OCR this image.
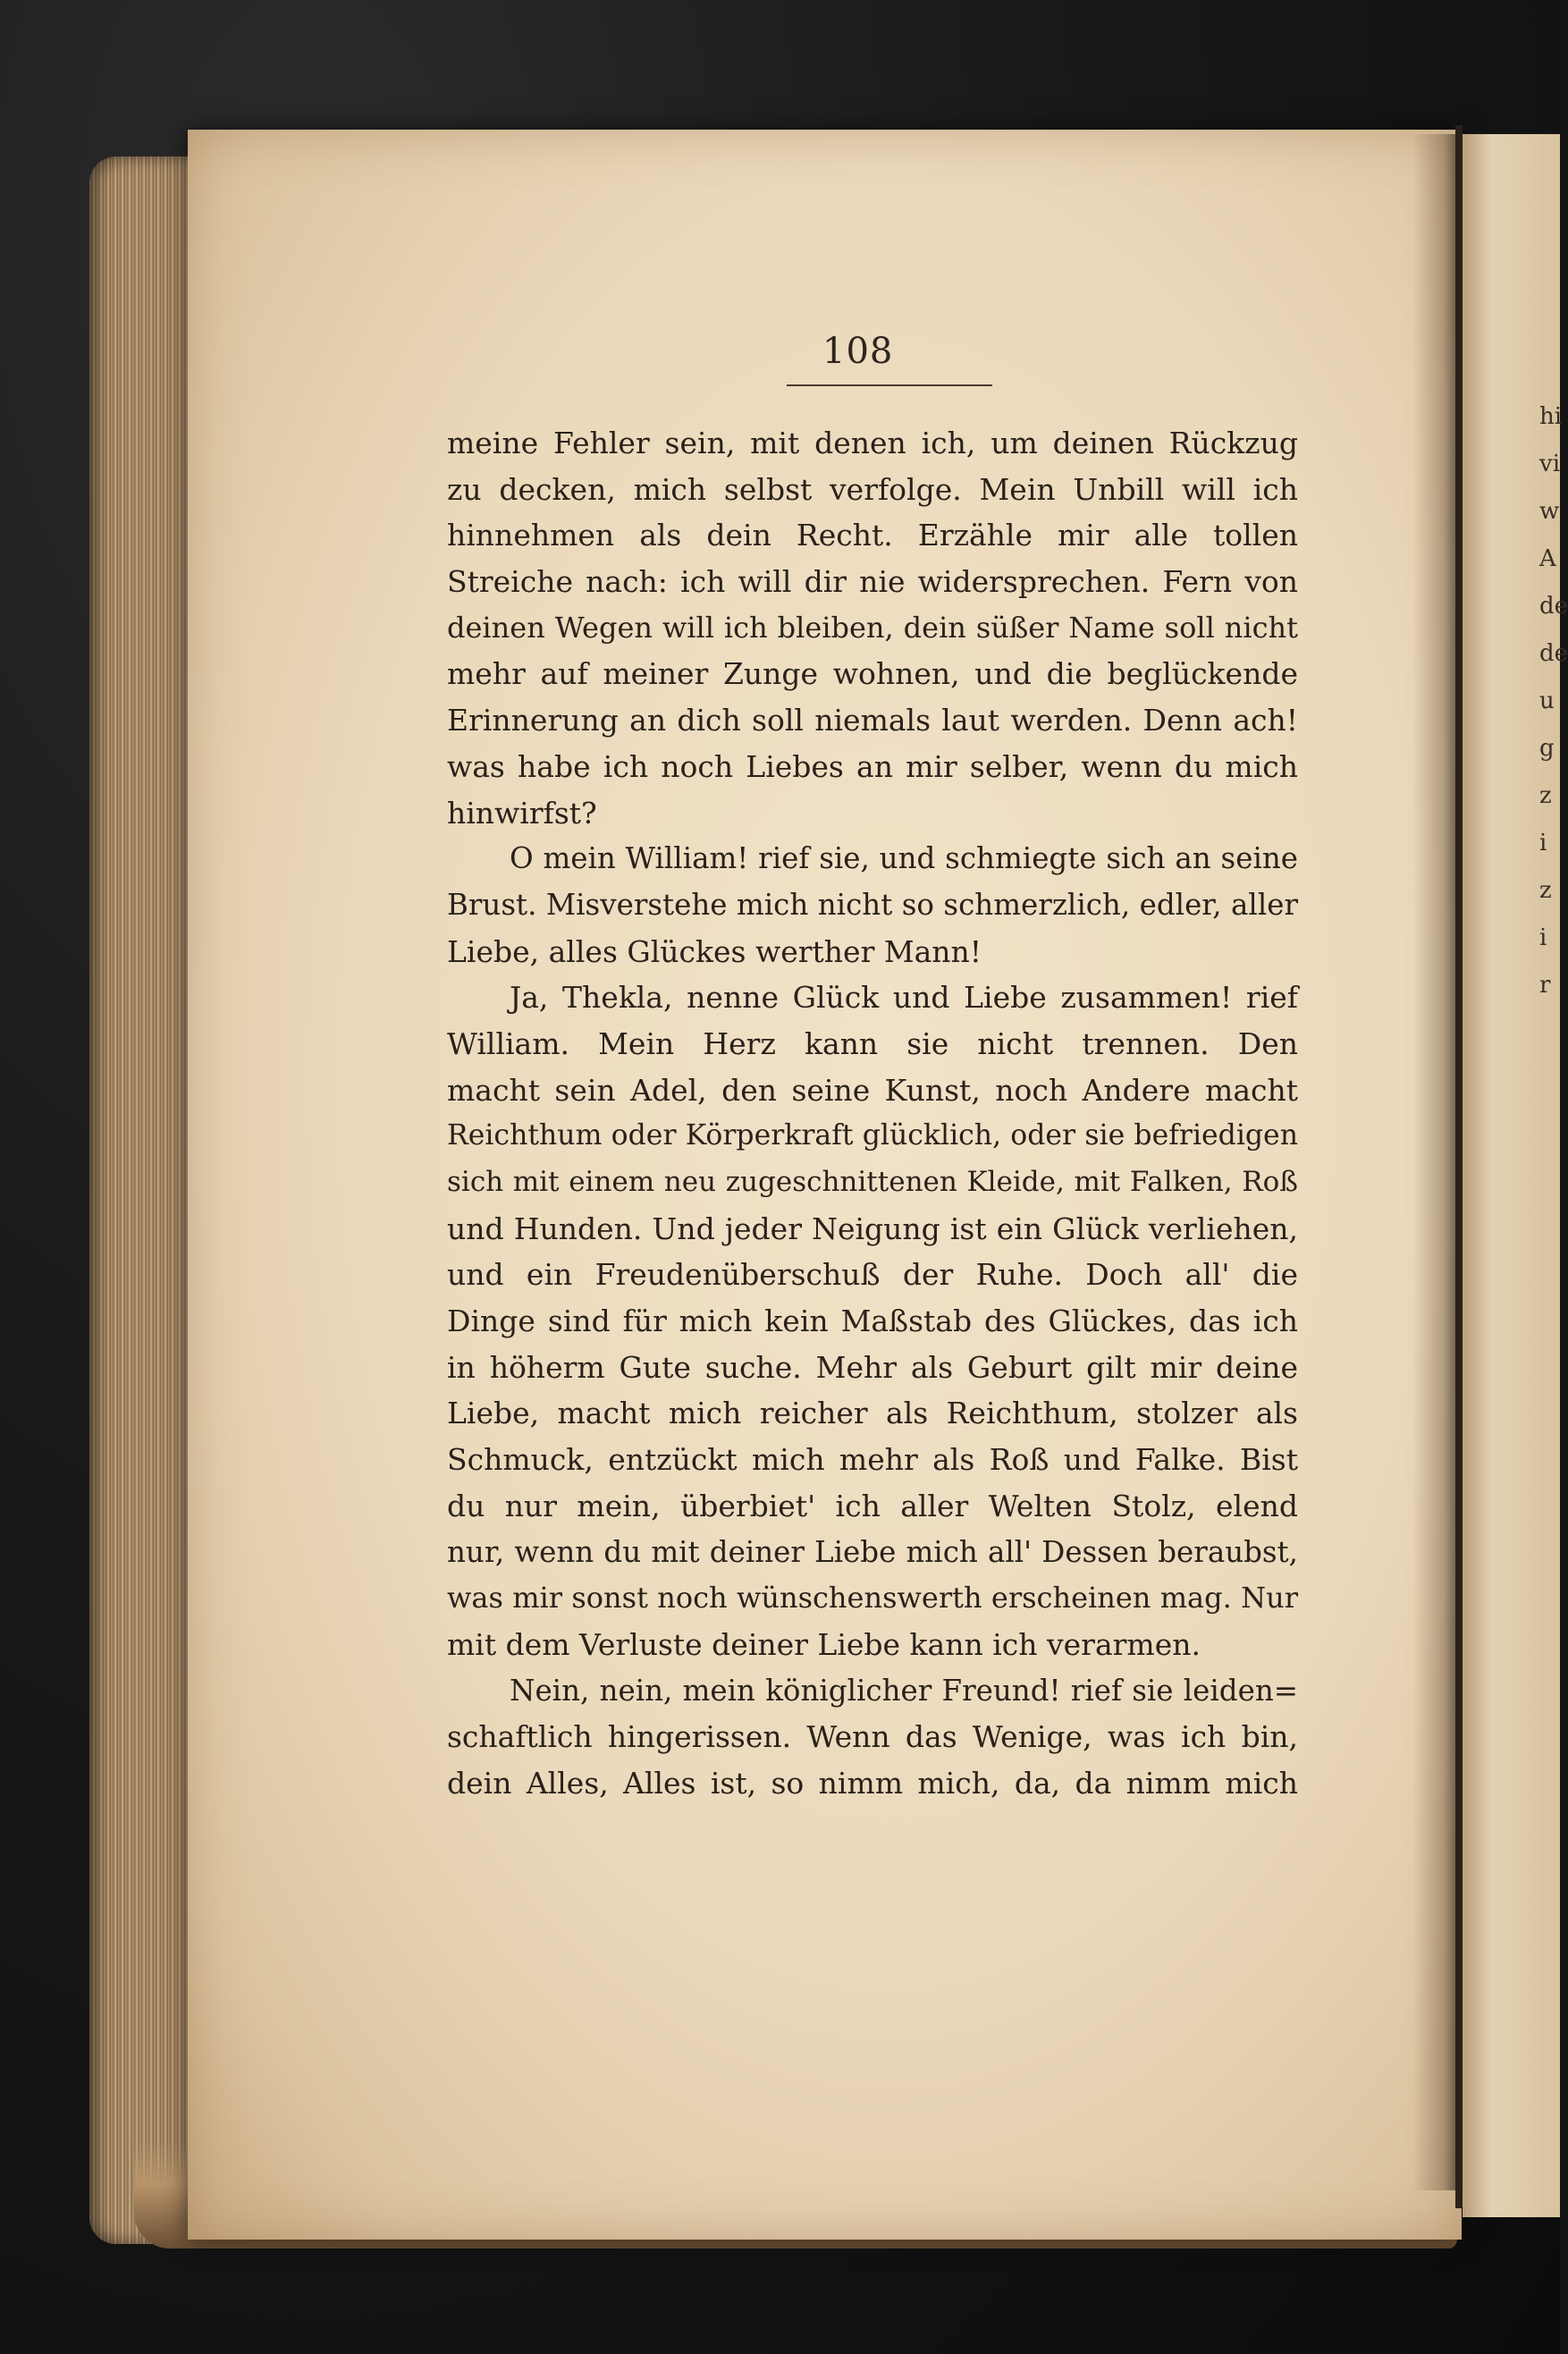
hi
vi
w
A
de
de
u
g
z
i
z
i
r
108
meine Fehler sein, mit denen ich, um deinen Rückzug
zu decken, mich selbst verfolge. Mein Unbill will ich
hinnehmen als dein Recht. Erzähle mir alle tollen
Streiche nach: ich will dir nie widersprechen. Fern von
deinen Wegen will ich bleiben, dein süßer Name soll nicht
mehr auf meiner Zunge wohnen, und die beglückende
Erinnerung an dich soll niemals laut werden. Denn ach!
was habe ich noch Liebes an mir selber, wenn du mich
hinwirfst?
O mein William! rief sie, und schmiegte sich an seine
Brust. Misverstehe mich nicht so schmerzlich, edler, aller
Liebe, alles Glückes werther Mann!
Ja, Thekla, nenne Glück und Liebe zusammen! rief
William. Mein Herz kann sie nicht trennen. Den
macht sein Adel, den seine Kunst, noch Andere macht
Reichthum oder Körperkraft glücklich, oder sie befriedigen
sich mit einem neu zugeschnittenen Kleide, mit Falken, Roß
und Hunden. Und jeder Neigung ist ein Glück verliehen,
und ein Freudenüberschuß der Ruhe. Doch all' die
Dinge sind für mich kein Maßstab des Glückes, das ich
in höherm Gute suche. Mehr als Geburt gilt mir deine
Liebe, macht mich reicher als Reichthum, stolzer als
Schmuck, entzückt mich mehr als Roß und Falke. Bist
du nur mein, überbiet' ich aller Welten Stolz, elend
nur, wenn du mit deiner Liebe mich all' Dessen beraubst,
was mir sonst noch wünschenswerth erscheinen mag. Nur
mit dem Verluste deiner Liebe kann ich verarmen.
Nein, nein, mein königlicher Freund! rief sie leiden=
schaftlich hingerissen. Wenn das Wenige, was ich bin,
dein Alles, Alles ist, so nimm mich, da, da nimm mich
